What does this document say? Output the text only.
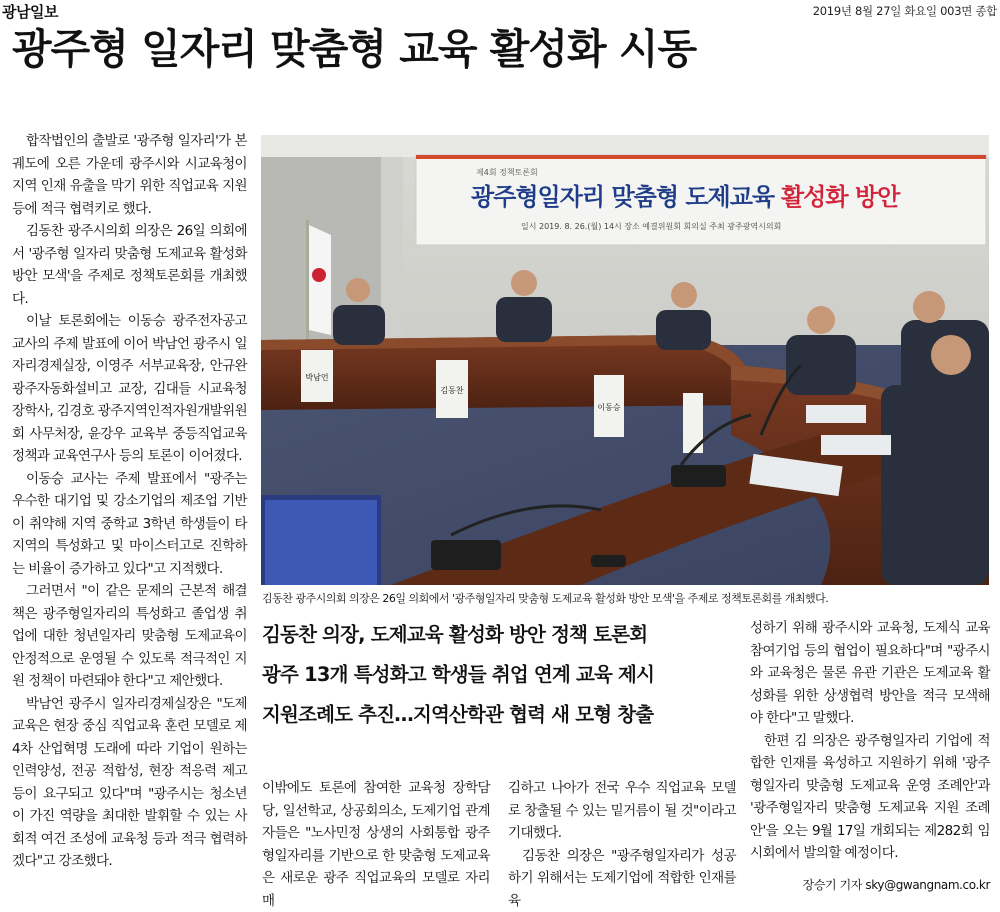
광남일보	2019년 8월 27일 화요일 003면 종합
광주형 일자리 맞춤형 교육 활성화 시동

합작법인의 출발로 '광주형 일자리'가 본궤도에 오른 가운데 광주시와 시교육청이 지역 인재 유출을 막기 위한 직업교육 지원 등에 적극 협력키로 했다.

김동찬 광주시의회 의장은 26일 의회에서 '광주형 일자리 맞춤형 도제교육 활성화 방안 모색'을 주제로 정책토론회를 개최했다.

이날 토론회에는 이동승 광주전자공고 교사의 주제 발표에 이어 박남언 광주시 일자리경제실장, 이영주 서부교육장, 안규완 광주자동화설비고 교장, 김대들 시교육청 장학사, 김경호 광주지역인적자원개발위원회 사무처장, 윤강우 교육부 중등직업교육정책과 교육연구사 등의 토론이 이어졌다.

이동승 교사는 주제 발표에서 "광주는 우수한 대기업 및 강소기업의 제조업 기반이 취약해 지역 중학교 3학년 학생들이 타 지역의 특성화고 및 마이스터고로 진학하는 비율이 증가하고 있다"고 지적했다.

그러면서 "이 같은 문제의 근본적 해결책은 광주형일자리의 특성화고 졸업생 취업에 대한 청년일자리 맞춤형 도제교육이 안정적으로 운영될 수 있도록 적극적인 지원 정책이 마련돼야 한다"고 제안했다.

박남언 광주시 일자리경제실장은 "도제교육은 현장 중심 직업교육 훈련 모델로 제4차 산업혁명 도래에 따라 기업이 원하는 인력양성, 전공 적합성, 현장 적응력 제고 등이 요구되고 있다"며 "광주시는 청소년이 가진 역량을 최대한 발휘할 수 있는 사회적 여건 조성에 교육청 등과 적극 협력하겠다"고 강조했다.

제4회 정책토론회
광주형일자리 맞춤형 도제교육 활성화 방안
일시 2019. 8. 26.(월) 14시 장소 예결위원회 회의실 주최 광주광역시의회
박남언
김동찬
이동승
김동찬 광주시의회 의장은 26일 의회에서 '광주형일자리 맞춤형 도제교육 활성화 방안 모색'을 주제로 정책토론회를 개최했다.
김동찬 의장, 도제교육 활성화 방안 정책 토론회
광주 13개 특성화고 학생들 취업 연계 교육 제시
지원조례도 추진…지역산학관 협력 새 모형 창출

이밖에도 토론에 참여한 교육청 장학담당, 일선학교, 상공회의소, 도제기업 관계자들은 "노사민정 상생의 사회통합 광주형일자리를 기반으로 한 맞춤형 도제교육은 새로운 광주 직업교육의 모델로 자리매

김하고 나아가 전국 우수 직업교육 모델로 창출될 수 있는 밑거름이 될 것"이라고 기대했다.

김동찬 의장은 "광주형일자리가 성공하기 위해서는 도제기업에 적합한 인재를 육

성하기 위해 광주시와 교육청, 도제식 교육 참여기업 등의 협업이 필요하다"며 "광주시와 교육청은 물론 유관 기관은 도제교육 활성화를 위한 상생협력 방안을 적극 모색해야 한다"고 말했다.

한편 김 의장은 광주형일자리 기업에 적합한 인재를 육성하고 지원하기 위해 '광주형일자리 맞춤형 도제교육 운영 조례안'과 '광주형일자리 맞춤형 도제교육 지원 조례안'을 오는 9월 17일 개회되는 제282회 임시회에서 발의할 예정이다.

장승기 기자 sky@gwangnam.co.kr
